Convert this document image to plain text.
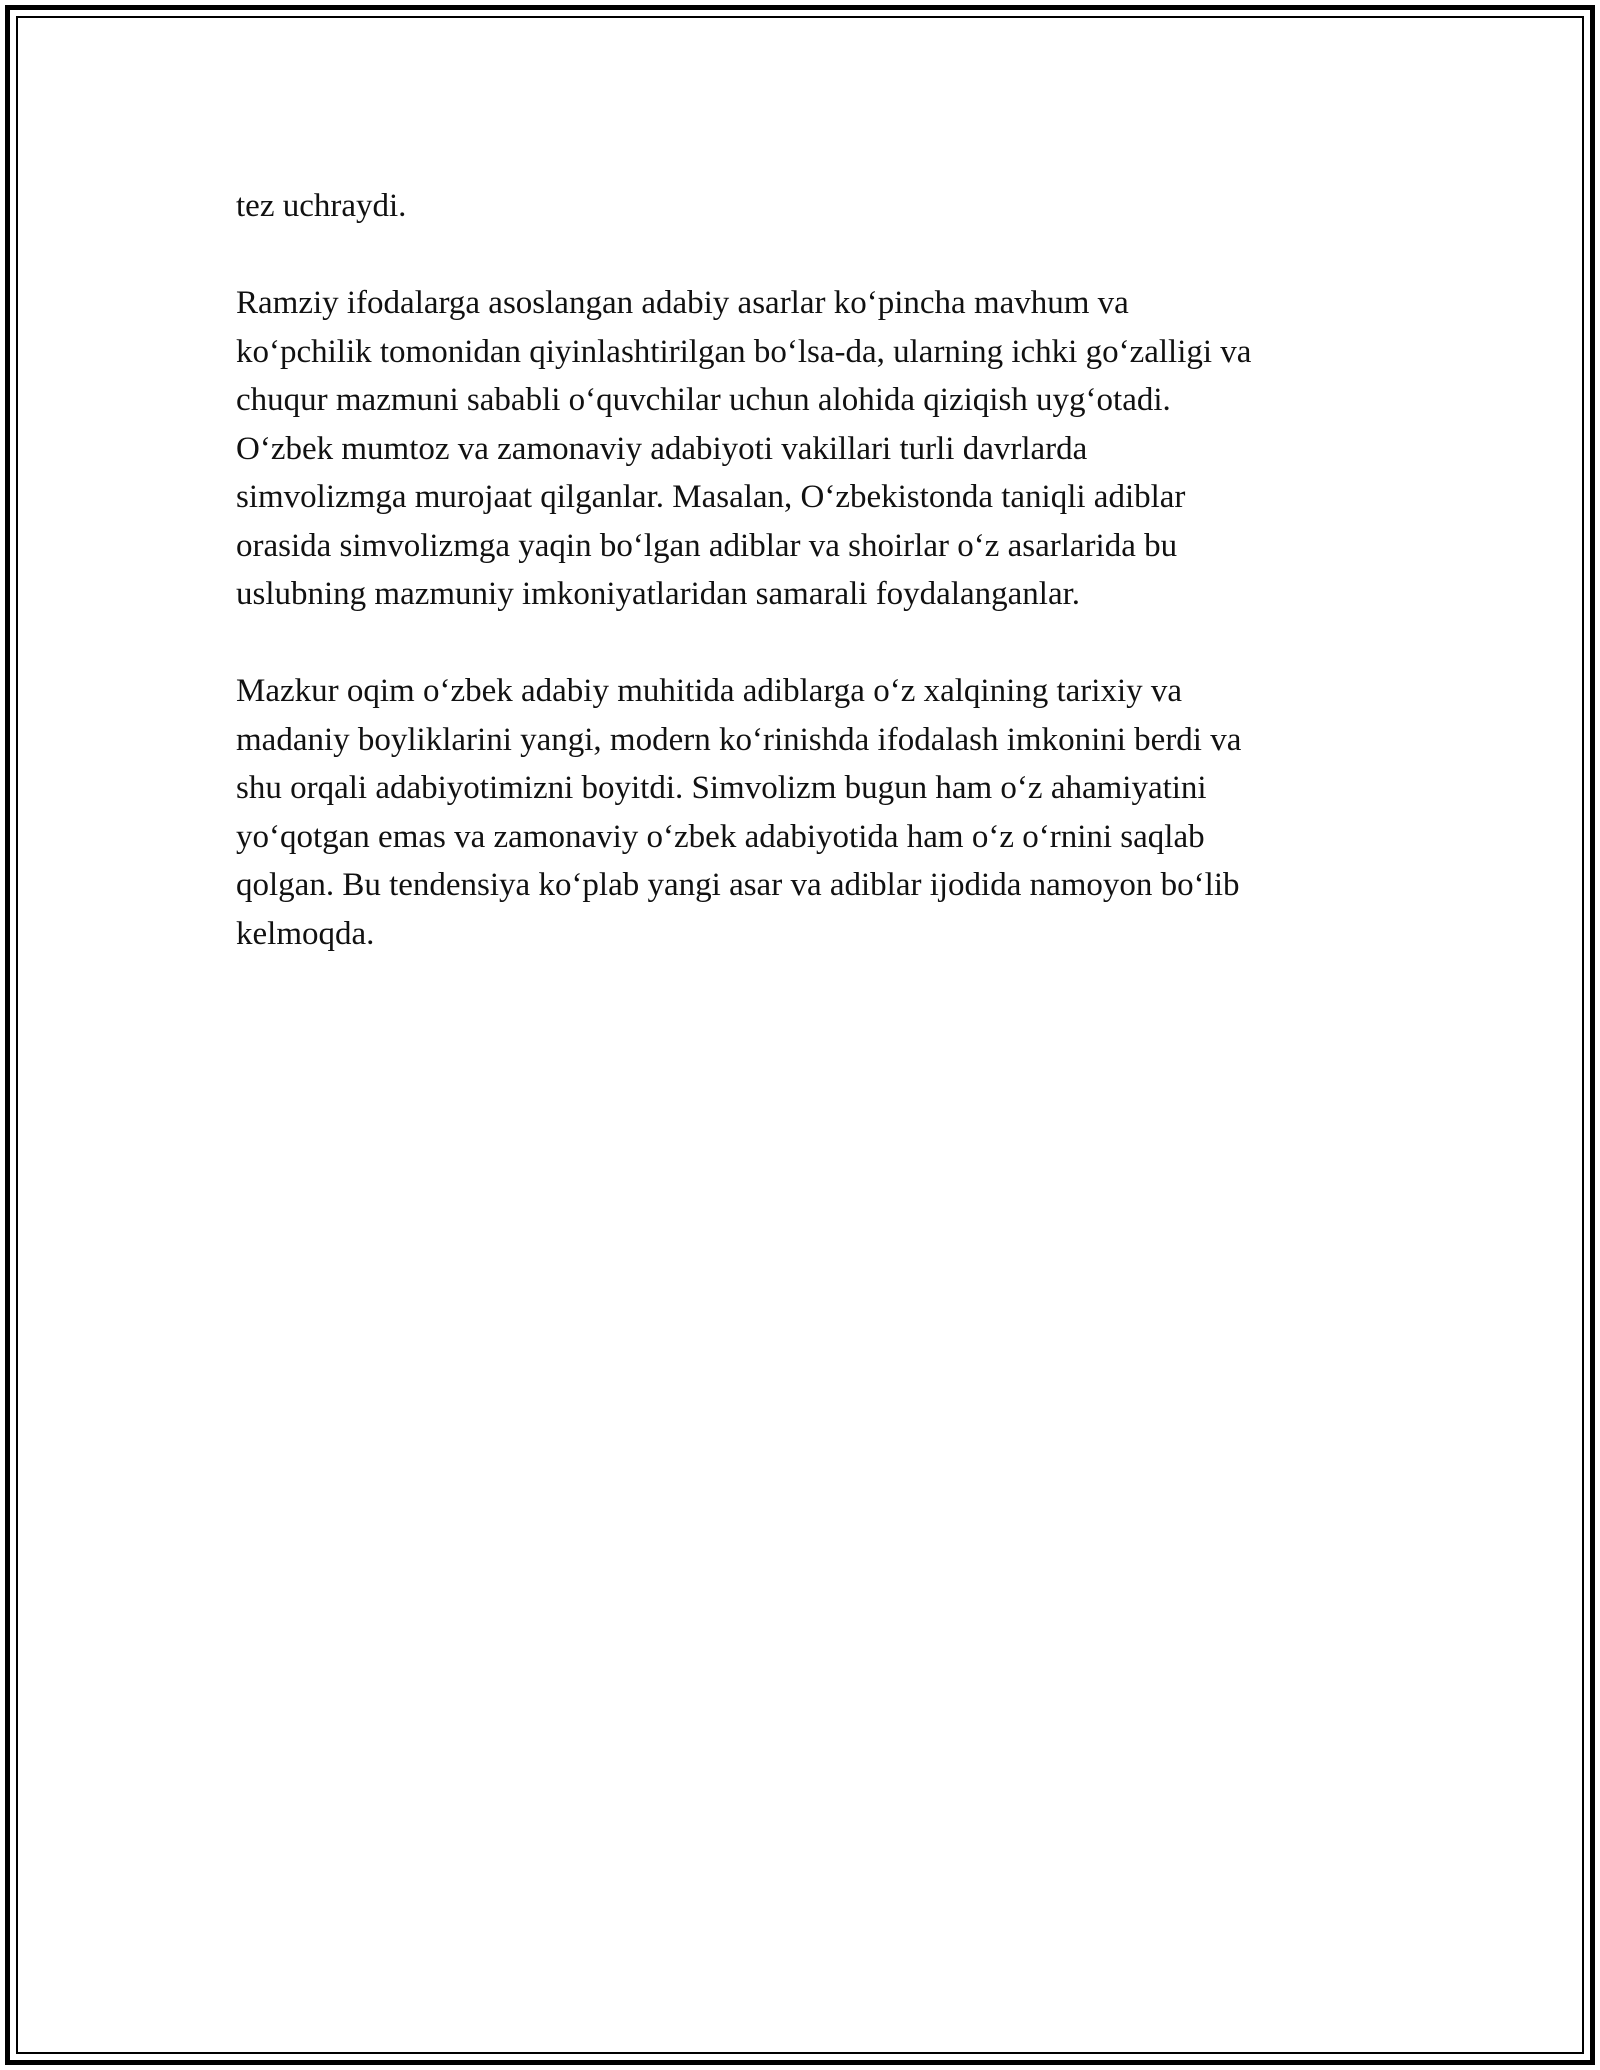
tez uchraydi.

Ramziy ifodalarga asoslangan adabiy asarlar ko‘pincha mavhum va
ko‘pchilik tomonidan qiyinlashtirilgan bo‘lsa-da, ularning ichki go‘zalligi va
chuqur mazmuni sababli o‘quvchilar uchun alohida qiziqish uyg‘otadi.
O‘zbek mumtoz va zamonaviy adabiyoti vakillari turli davrlarda
simvolizmga murojaat qilganlar. Masalan, O‘zbekistonda taniqli adiblar
orasida simvolizmga yaqin bo‘lgan adiblar va shoirlar o‘z asarlarida bu
uslubning mazmuniy imkoniyatlaridan samarali foydalanganlar.

Mazkur oqim o‘zbek adabiy muhitida adiblarga o‘z xalqining tarixiy va
madaniy boyliklarini yangi, modern ko‘rinishda ifodalash imkonini berdi va
shu orqali adabiyotimizni boyitdi. Simvolizm bugun ham o‘z ahamiyatini
yo‘qotgan emas va zamonaviy o‘zbek adabiyotida ham o‘z o‘rnini saqlab
qolgan. Bu tendensiya ko‘plab yangi asar va adiblar ijodida namoyon bo‘lib
kelmoqda.
